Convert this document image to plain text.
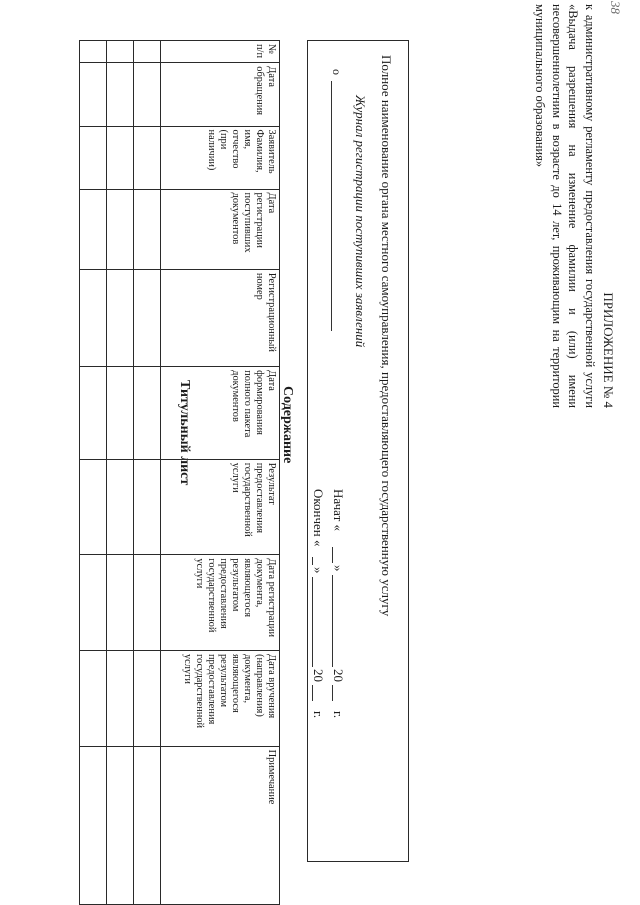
38
ПРИЛОЖЕНИЕ № 4
к административному регламенту предоставления государственной услуги «Выдача разрешения на изменение фамилии и (или) имени несовершеннолетним в возрасте до 14 лет, проживающим на территории муниципального образования»
Титульный лист	Полное наименование органа местного самоуправления, предоставляющего государственную услугу
Журнал регистрации поступивших заявлений
о
Начат «
»
20
г.
Окончен «
»
20
г.
Содержание
№ п/п	Дата обращения	Заявитель Фамилия, имя, отчество (при наличии)	Дата регистрации поступивших документов	Регистрационный номер	Дата формирования полного пакета документов	Результат предоставления государственной услуги	Дата регистрации документа, являющегося результатом предоставления государственной услуги	Дата вручения (направления) документа, являющегося результатом предоставления государственной услуги	Примечание
